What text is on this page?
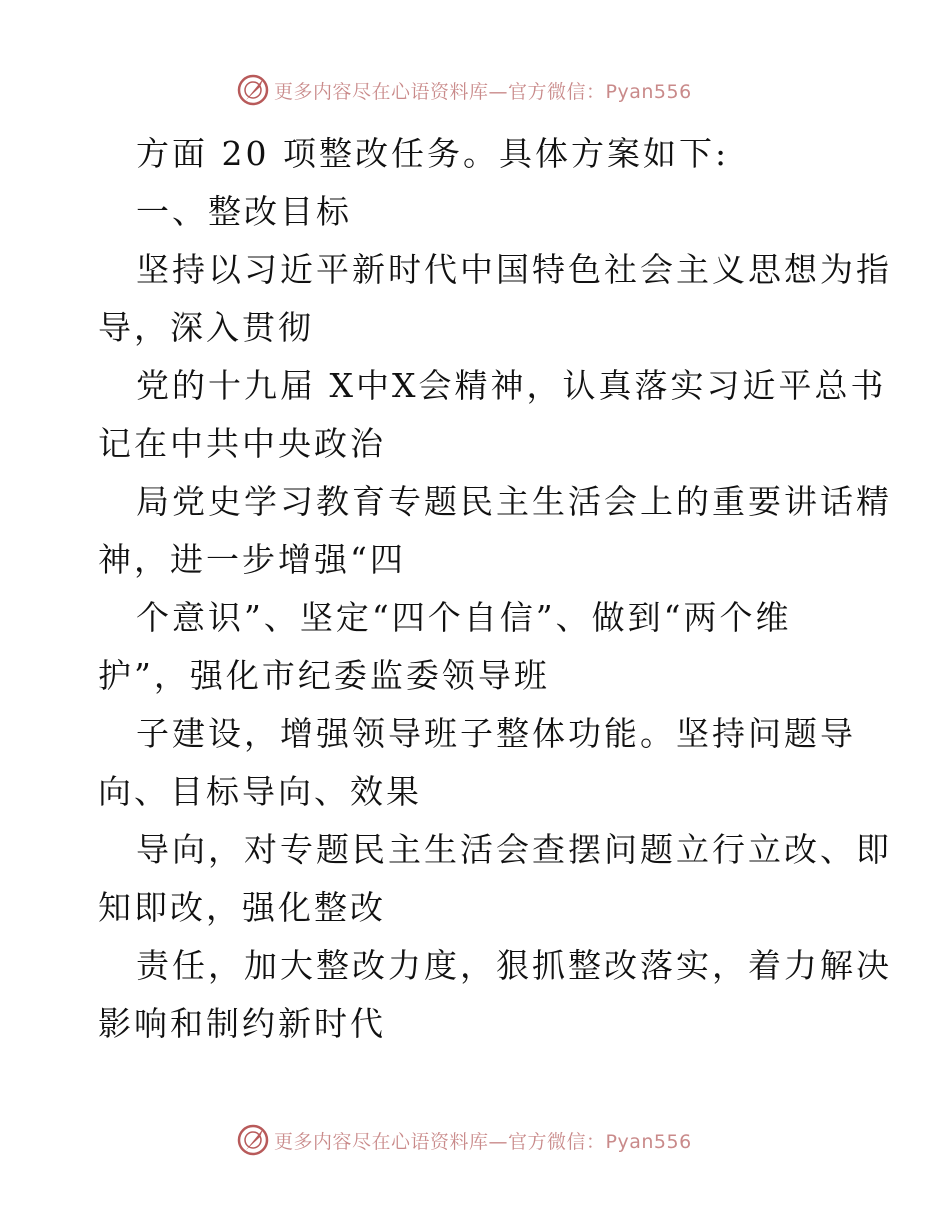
更多内容尽在心语资料库—官方微信：Pyan556
方面 20 项整改任务。具体方案如下:
一、整改目标
坚持以习近平新时代中国特色社会主义思想为指
导，深入贯彻
党的十九届 X中X会精神，认真落实习近平总书
记在中共中央政治
局党史学习教育专题民主生活会上的重要讲话精
神，进一步增强“四
个意识”、坚定“四个自信”、做到“两个维
护”，强化市纪委监委领导班
子建设，增强领导班子整体功能。坚持问题导
向、目标导向、效果
导向，对专题民主生活会查摆问题立行立改、即
知即改，强化整改
责任，加大整改力度，狠抓整改落实，着力解决
影响和制约新时代
更多内容尽在心语资料库—官方微信：Pyan556
